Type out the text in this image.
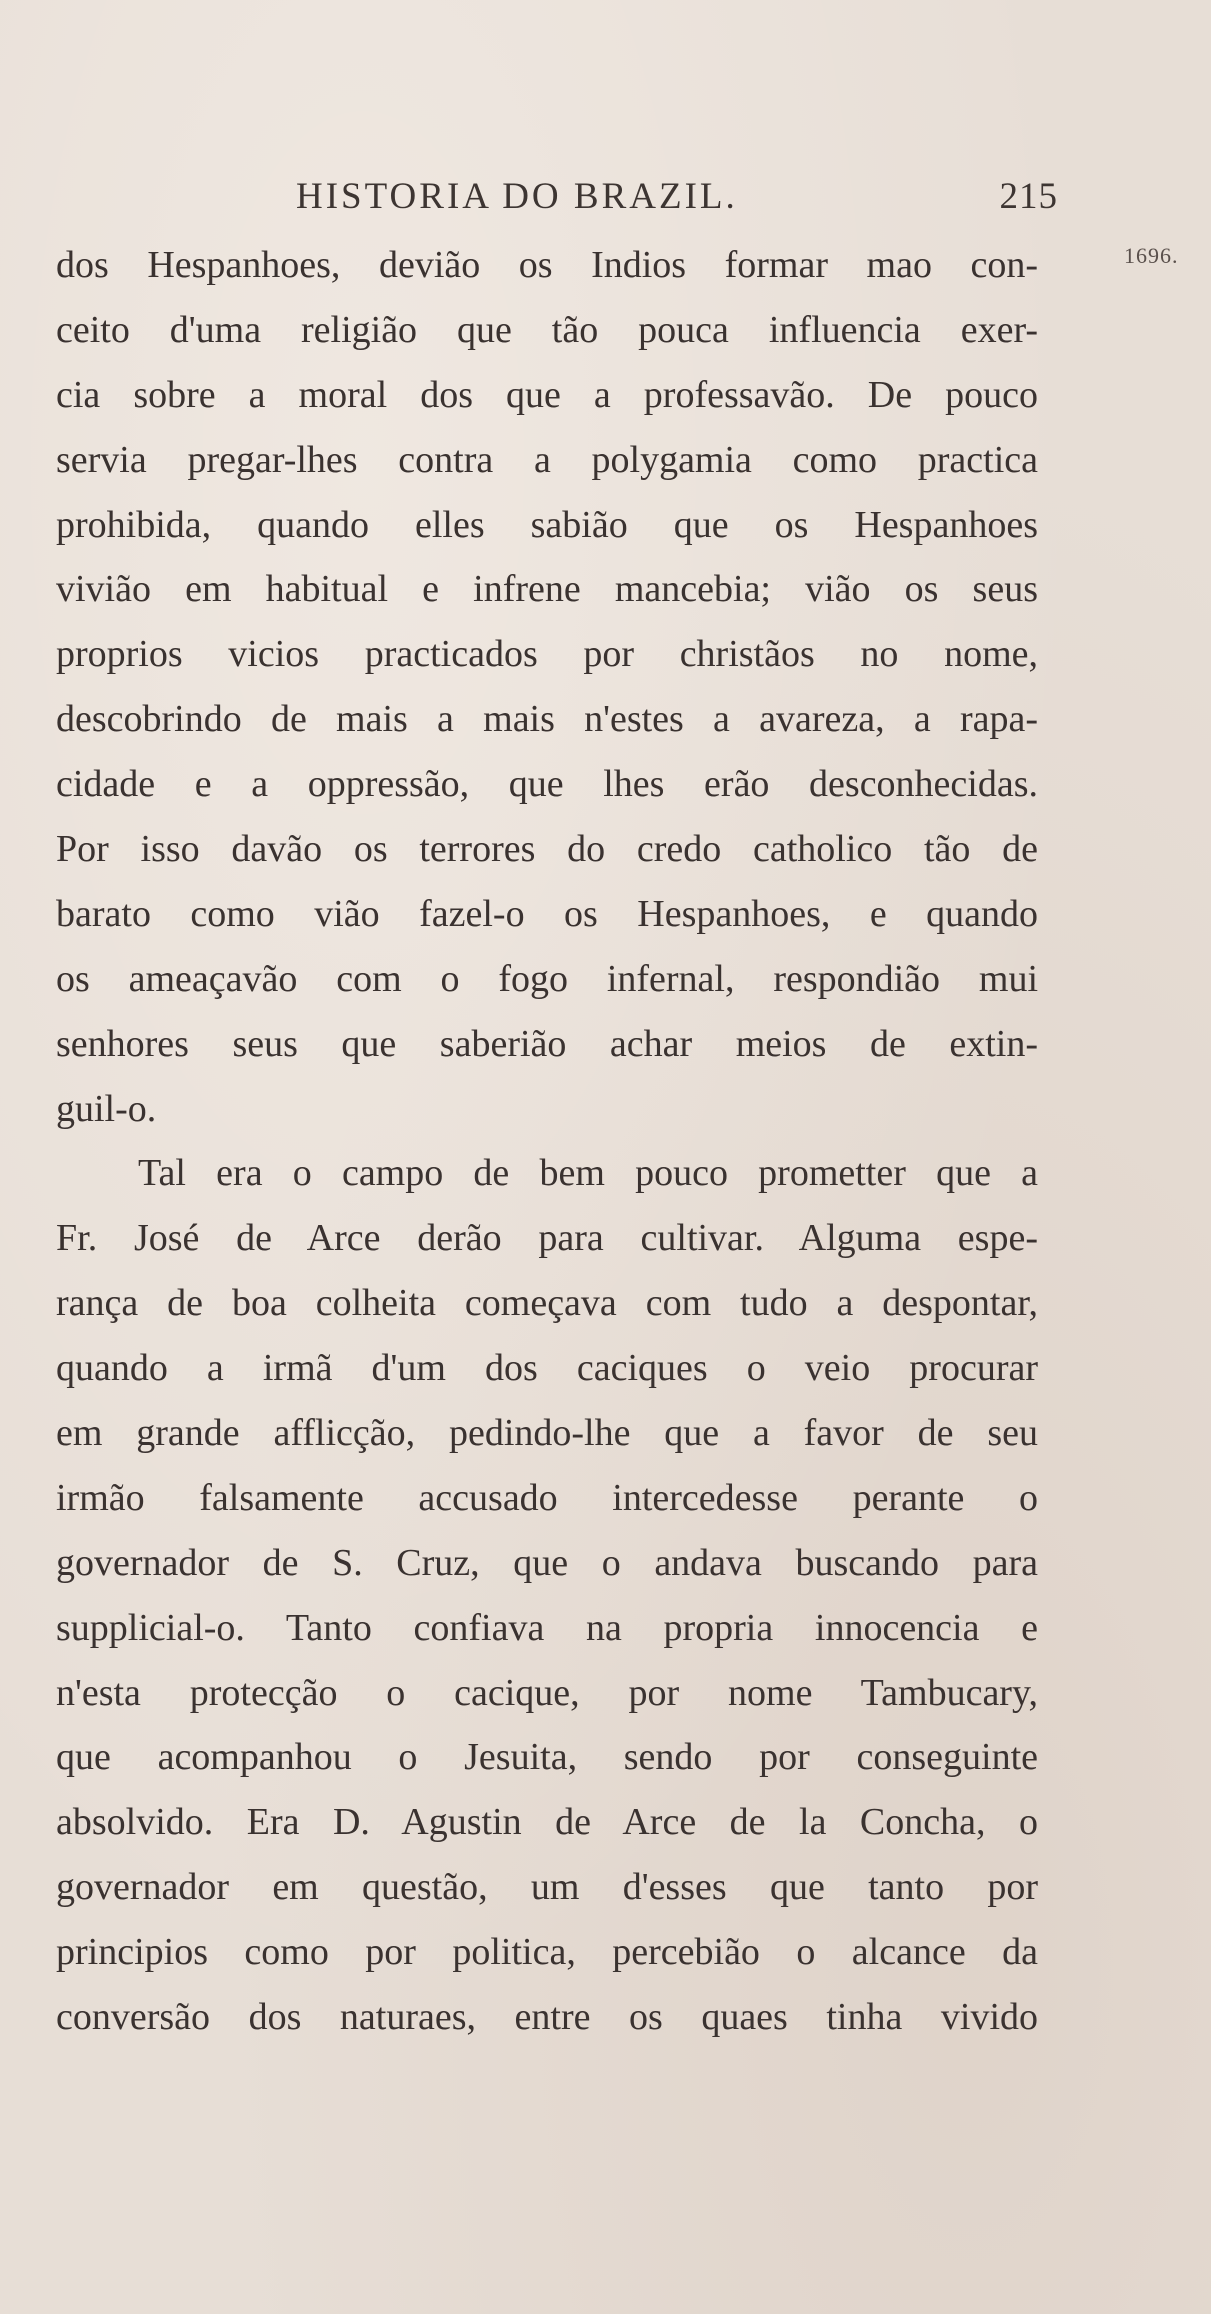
HISTORIA DO BRAZIL.	215
1696.
dos Hespanhoes, devião os Indios formar mao con-
ceito d'uma religião que tão pouca influencia exer-
cia sobre a moral dos que a professavão. De pouco
servia pregar-lhes contra a polygamia como practica
prohibida, quando elles sabião que os Hespanhoes
vivião em habitual e infrene mancebia; vião os seus
proprios vicios practicados por christãos no nome,
descobrindo de mais a mais n'estes a avareza, a rapa-
cidade e a oppressão, que lhes erão desconhecidas.
Por isso davão os terrores do credo catholico tão de
barato como vião fazel-o os Hespanhoes, e quando
os ameaçavão com o fogo infernal, respondião mui
senhores seus que saberião achar meios de extin-
guil-o.
Tal era o campo de bem pouco prometter que a
Fr. José de Arce derão para cultivar. Alguma espe-
rança de boa colheita começava com tudo a despontar,
quando a irmã d'um dos caciques o veio procurar
em grande afflicção, pedindo-lhe que a favor de seu
irmão falsamente accusado intercedesse perante o
governador de S. Cruz, que o andava buscando para
supplicial-o. Tanto confiava na propria innocencia e
n'esta protecção o cacique, por nome Tambucary,
que acompanhou o Jesuita, sendo por conseguinte
absolvido. Era D. Agustin de Arce de la Concha, o
governador em questão, um d'esses que tanto por
principios como por politica, percebião o alcance da
conversão dos naturaes, entre os quaes tinha vivido
